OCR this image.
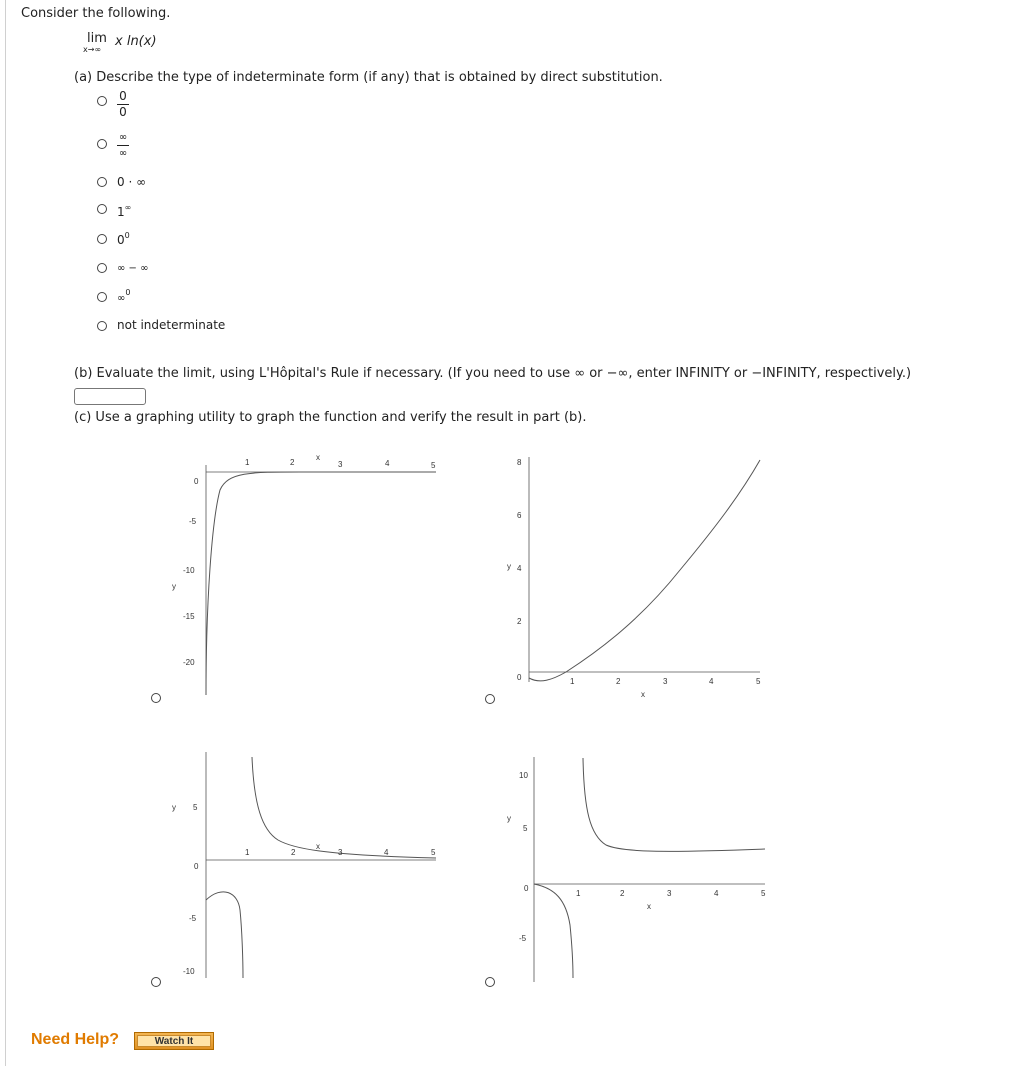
Consider the following.
lim
x→∞
x ln(x)
(a) Describe the type of indeterminate form (if any) that is obtained by direct substitution.
0
0
∞
∞
0 · ∞
1∞
$0^0$
∞ − ∞
∞$^0$
not indeterminate
(b) Evaluate the limit, using L'Hôpital's Rule if necessary. (If you need to use ∞ or −∞, enter INFINITY or −INFINITY, respectively.)
(c) Use a graphing utility to graph the function and verify the result in part (b).
1	2	3	4	5
x
0
-5
-10
-15
-20
y
1	2	3	4	5
x
8
6
4
2
0
y
1	2	3	4	5
x
5
0
-5
-10
y
1	2	3	4	5
x
10
5
0
-5
y
Need Help?	Watch It
